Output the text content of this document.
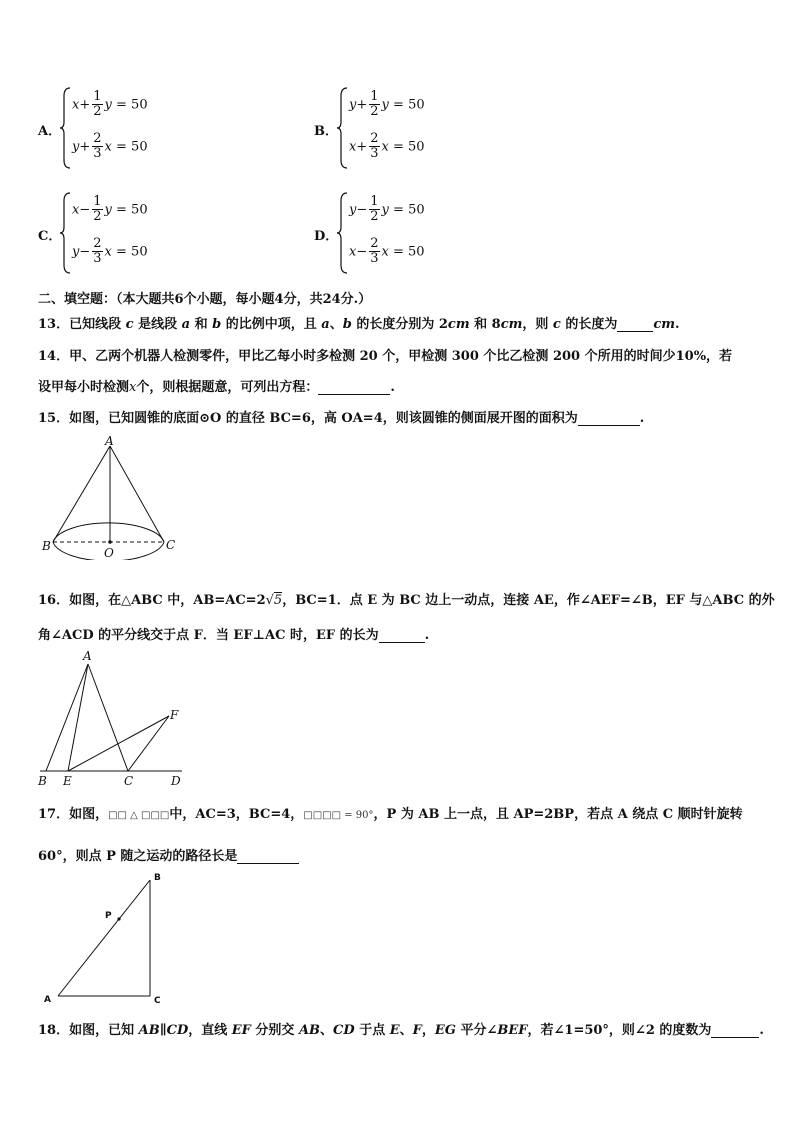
A．
$x+ \frac{1}{2}$ y = 50
$y+ \frac{2}{3}$ x = 50
B．
$y+ \frac{1}{2}$ y = 50
$x+ \frac{2}{3}$ x = 50
C．
$x- \frac{1}{2}$ y = 50
$y- \frac{2}{3}$ x = 50
D．
$y- \frac{1}{2}$ y = 50
$x- \frac{2}{3}$ x = 50
二、填空题：（本大题共6个小题，每小题4分，共24分.）
13．已知线段 c 是线段 a 和 b 的比例中项，且 a、b 的长度分别为 2cm 和 8cm，则 c 的长度为	cm.
14．甲、乙两个机器人检测零件，甲比乙每小时多检测 20 个，甲检测 300 个比乙检测 200 个所用的时间少10%，若
设甲每小时检测x个，则根据题意，可列出方程：	.
15．如图，已知圆锥的底面⊙O 的直径 BC=6，高 OA=4，则该圆锥的侧面展开图的面积为	.
A
B	C
O
16．如图，在△ABC 中，AB=AC=2√5，BC=1．点 E 为 BC 边上一动点，连接 AE，作∠AEF=∠B，EF 与△ABC 的外
角∠ACD 的平分线交于点 F．当 EF⊥AC 时，EF 的长为	.
A
B E	C	D
F
17．如图，□□ △ □□□中，AC=3，BC=4，□□□□ = 90°，P 为 AB 上一点，且 AP=2BP，若点 A 绕点 C 顺时针旋转
60°，则点 P 随之运动的路径长是
A
B
C
P
18．如图，已知 AB∥CD，直线 EF 分别交 AB、CD 于点 E、F，EG 平分∠BEF，若∠1=50°，则∠2 的度数为	.
